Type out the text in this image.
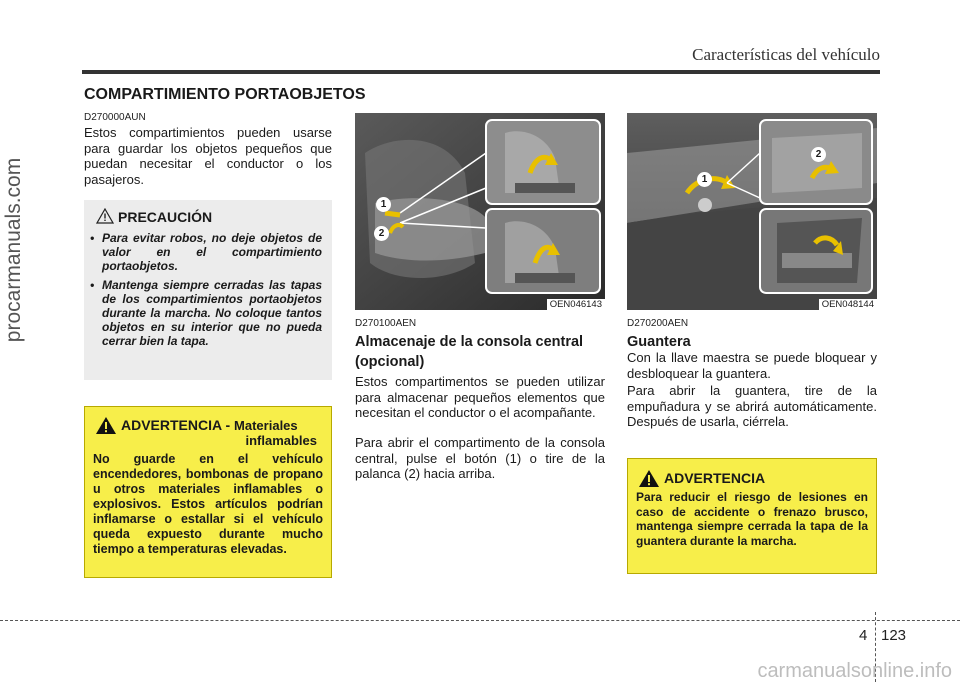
Características del vehículo
procarmanuals.com
COMPARTIMIENTO PORTAOBJETOS
D270000AUN
Estos compartimientos pueden usarse para guardar los objetos pequeños que puedan necesitar el conductor o los pasajeros.
PRECAUCIÓN
• Para evitar robos, no deje objetos de valor en el compartimiento portaobjetos.
• Mantenga siempre cerradas las tapas de los compartimientos portaobjetos durante la marcha. No coloque tantos objetos en su interior que no pueda cerrar bien la tapa.
ADVERTENCIA - Materiales
inflamables
No guarde en el vehículo encendedores, bombonas de propano u otros materiales inflamables o explosivos. Estos artículos podrían inflamarse o estallar si el vehículo queda expuesto durante mucho tiempo a temperaturas elevadas.
1
2
OEN046143
D270100AEN
Almacenaje de la consola central (opcional)
Estos compartimentos se pueden utilizar para almacenar pequeños elementos que necesitan el conductor o el acompañante.
Para abrir el compartimento de la consola central, pulse el botón (1) o tire de la palanca (2) hacia arriba.
1
2
OEN048144
D270200AEN
Guantera
Con la llave maestra se puede bloquear y desbloquear la guantera.
Para abrir la guantera, tire de la empuñadura y se abrirá automáticamente. Después de usarla, ciérrela.
ADVERTENCIA
Para reducir el riesgo de lesiones en caso de accidente o frenazo brusco, mantenga siempre cerrada la tapa de la guantera durante la marcha.
4 123
carmanualsonline.info
